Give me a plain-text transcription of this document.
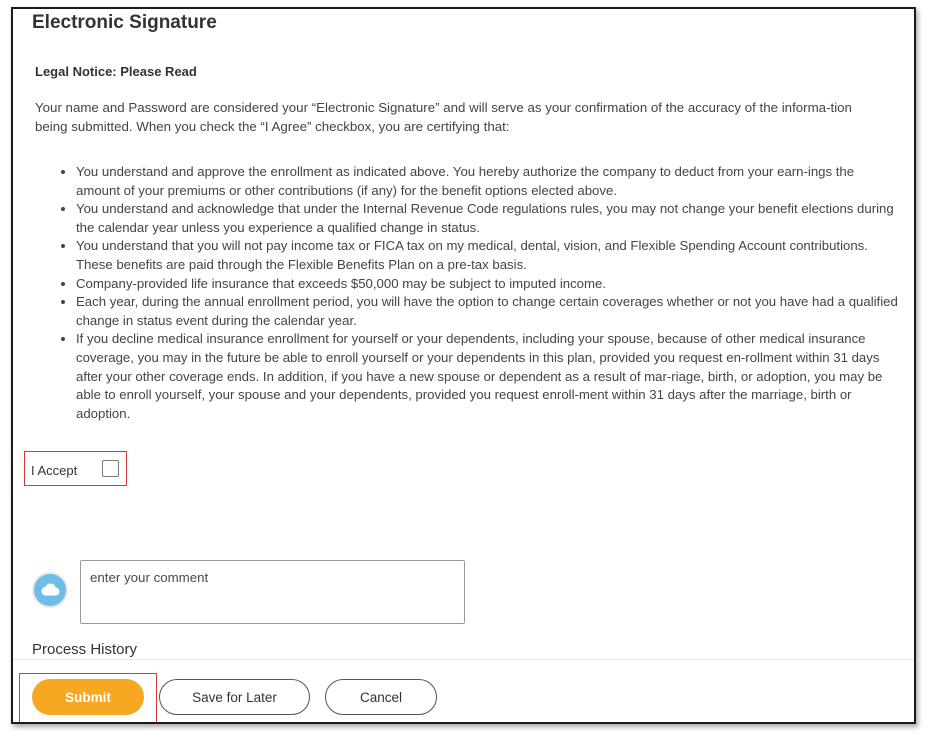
Electronic Signature
Legal Notice: Please Read
Your name and Password are considered your “Electronic Signature” and will serve as your confirmation of the accuracy of the informa-tion being submitted. When you check the “I Agree” checkbox, you are certifying that:
• You understand and approve the enrollment as indicated above. You hereby authorize the company to deduct from your earn-ings the amount of your premiums or other contributions (if any) for the benefit options elected above.
• You understand and acknowledge that under the Internal Revenue Code regulations rules, you may not change your benefit elections during the calendar year unless you experience a qualified change in status.
• You understand that you will not pay income tax or FICA tax on my medical, dental, vision, and Flexible Spending Account contributions. These benefits are paid through the Flexible Benefits Plan on a pre-tax basis.
• Company-provided life insurance that exceeds $50,000 may be subject to imputed income.
• Each year, during the annual enrollment period, you will have the option to change certain coverages whether or not you have had a qualified change in status event during the calendar year.
• If you decline medical insurance enrollment for yourself or your dependents, including your spouse, because of other medical insurance coverage, you may in the future be able to enroll yourself or your dependents in this plan, provided you request en-rollment within 31 days after your other coverage ends. In addition, if you have a new spouse or dependent as a result of mar-riage, birth, or adoption, you may be able to enroll yourself, your spouse and your dependents, provided you request enroll-ment within 31 days after the marriage, birth or adoption.
I Accept
enter your comment
Process History
Submit	Save for Later	Cancel
